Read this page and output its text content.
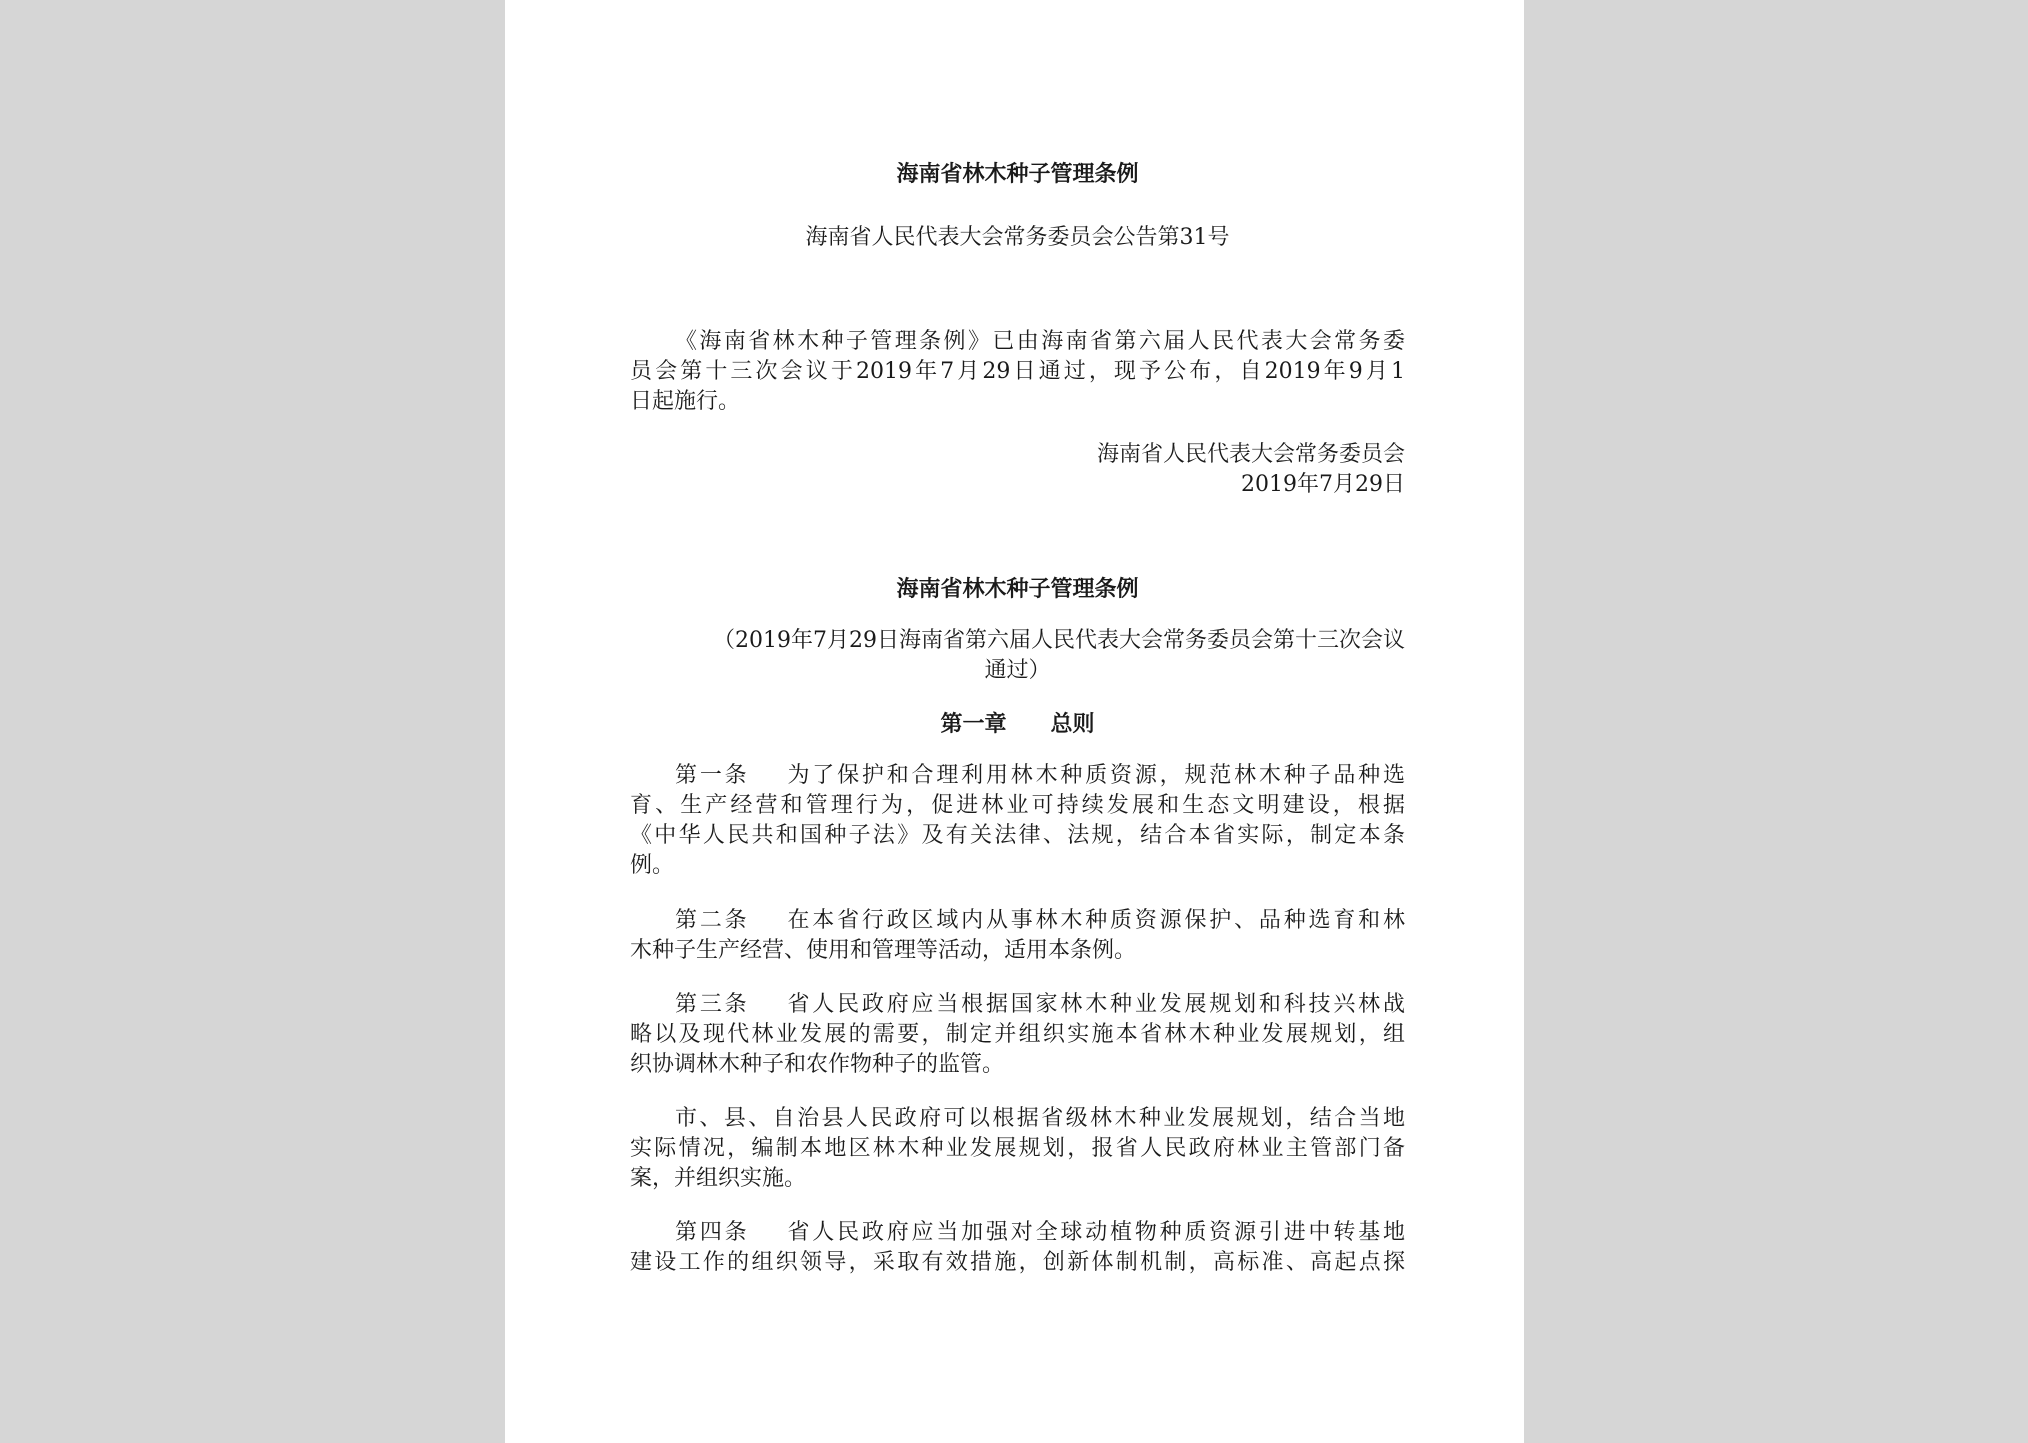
海南省林木种子管理条例
海南省人民代表大会常务委员会公告第31号
《海南省林木种子管理条例》已由海南省第六届人民代表大会常务委
员会第十三次会议于2019年7月29日通过，现予公布，自2019年9月1
日起施行。
海南省人民代表大会常务委员会
2019年7月29日
海南省林木种子管理条例
（2019年7月29日海南省第六届人民代表大会常务委员会第十三次会议
通过）
第一章 总则
第一条 为了保护和合理利用林木种质资源，规范林木种子品种选
育、生产经营和管理行为，促进林业可持续发展和生态文明建设，根据
《中华人民共和国种子法》及有关法律、法规，结合本省实际，制定本条
例。
第二条 在本省行政区域内从事林木种质资源保护、品种选育和林
木种子生产经营、使用和管理等活动，适用本条例。
第三条 省人民政府应当根据国家林木种业发展规划和科技兴林战
略以及现代林业发展的需要，制定并组织实施本省林木种业发展规划，组
织协调林木种子和农作物种子的监管。
市、县、自治县人民政府可以根据省级林木种业发展规划，结合当地
实际情况，编制本地区林木种业发展规划，报省人民政府林业主管部门备
案，并组织实施。
第四条 省人民政府应当加强对全球动植物种质资源引进中转基地
建设工作的组织领导，采取有效措施，创新体制机制，高标准、高起点探
